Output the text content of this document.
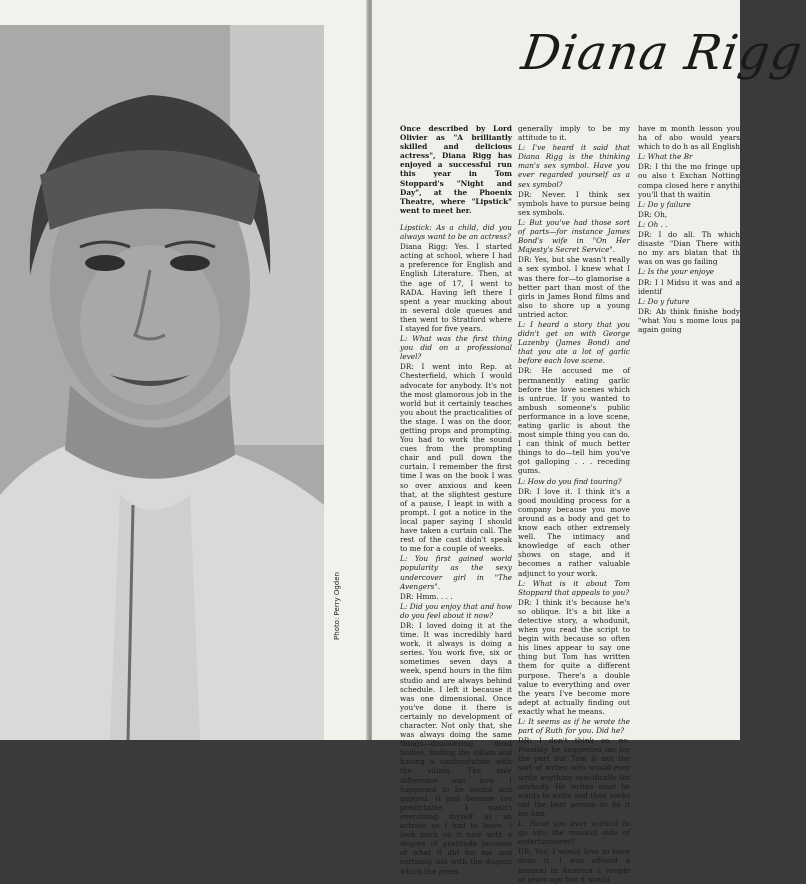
Photo: Perry Ogden
Diana Rigg

Once described by Lord Olivier as "A brilliantly skilled and delicious actress", Diana Rigg has enjoyed a successful run this year in Tom Stoppard's "Night and Day", at the Phoenix Theatre, where "Lipstick" went to meet her.

Lipstick: As a child, did you always want to be an actress?

Diana Rigg: Yes. I started acting at school, where I had a preference for English and English Literature. Then, at the age of 17, I went to RADA. Having left there I spent a year mucking about in several dole queues and then went to Stratford where I stayed for five years.

L: What was the first thing you did on a professional level?

DR: I went into Rep. at Chesterfield, which I would advocate for anybody. It's not the most glamorous job in the world but it certainly teaches you about the practicalities of the stage. I was on the door, getting props and prompting. You had to work the sound cues from the prompting chair and pull down the curtain. I remember the first time I was on the book I was so over anxious and keen that, at the slightest gesture of a pause, I leapt in with a prompt. I got a notice in the local paper saying I should have taken a curtain call. The rest of the cast didn't speak to me for a couple of weeks.

L: You first gained world popularity as the sexy undercover girl in "The Avengers".

DR: Hmm. . . .

L: Did you enjoy that and how do you feel about it now?

DR: I loved doing it at the time. It was incredibly hard work, it always is doing a series. You work five, six or sometimes seven days a week, spend hours in the film studio and are always behind schedule. I left it because it was one dimensional. Once you've done it there is certainly no development of character. Not only that, she was always doing the same things—discovering dead bodies, finding the villain and having a confrontation with the villain. The only difference was how I happened to be bound and gagged. It just became too predictable. I wasn't exercising myself as an actress so I had to leave. I look back on it now with a degree of gratitude because of what it did for me and certainly not with the disgust which the press

generally imply to be my attitude to it.

L: I've heard it said that Diana Rigg is the thinking man's sex symbol. Have you ever regarded yourself as a sex symbol?

DR: Never. I think sex symbols have to pursue being sex symbols.

L: But you've had those sort of parts—for instance James Bond's wife in "On Her Majesty's Secret Service".

DR: Yes, but she wasn't really a sex symbol. I knew what I was there for—to glamorise a better part than most of the girls in James Bond films and also to shore up a young untried actor.

L: I heard a story that you didn't get on with George Lazenby (James Bond) and that you ate a lot of garlic before each love scene.

DR: He accused me of permanently eating garlic before the love scenes which is untrue. If you wanted to ambush someone's public performance in a love scene, eating garlic is about the most simple thing you can do. I can think of much better things to do—tell him you've got galloping . . . receding gums.

L: How do you find touring?

DR: I love it. I think it's a good moulding process for a company because you move around as a body and get to know each other extremely well. The intimacy and knowledge of each other shows on stage, and it becomes a rather valuable adjunct to your work.

L: What is it about Tom Stoppard that appeals to you?

DR: I think it's because he's so oblique. It's a bit like a detective story, a whodunit, when you read the script to begin with because so often his lines appear to say one thing but Tom has written them for quite a different purpose. There's a double value to everything and over the years I've become more adept at actually finding out exactly what he means.

L: It seems as if he wrote the part of Ruth for you. Did he?

DR: I don't think so, no. Possibly he suggested me for the part but Tom is not the sort of writer who would ever write anything specifically for anybody. He writes what he wants to write and then seeks out the best person to do it for him.

L: Have you ever wanted to go into the musical side of entertainment?

DR: Yes, I would love to have done it. I was offered a musical in America a couple of years ago but it would

have m month lesson you ha of abo would years which to do h as all English

L: What the Br

DR: I thi the mo fringe up ou also t Exchan Notting compa closed here r anythi you'll that th waitin

L: Do y failure

DR: Oh,

L: Oh . .

DR: I do all. Th which disaste "Dian There with no my ars blatan that th was on was go failing

L: Is the your enjoye

DR: I l Midsu it was and a identif

L: Do y future

DR: Ab think finishe body "what You s mome lous pa again going
